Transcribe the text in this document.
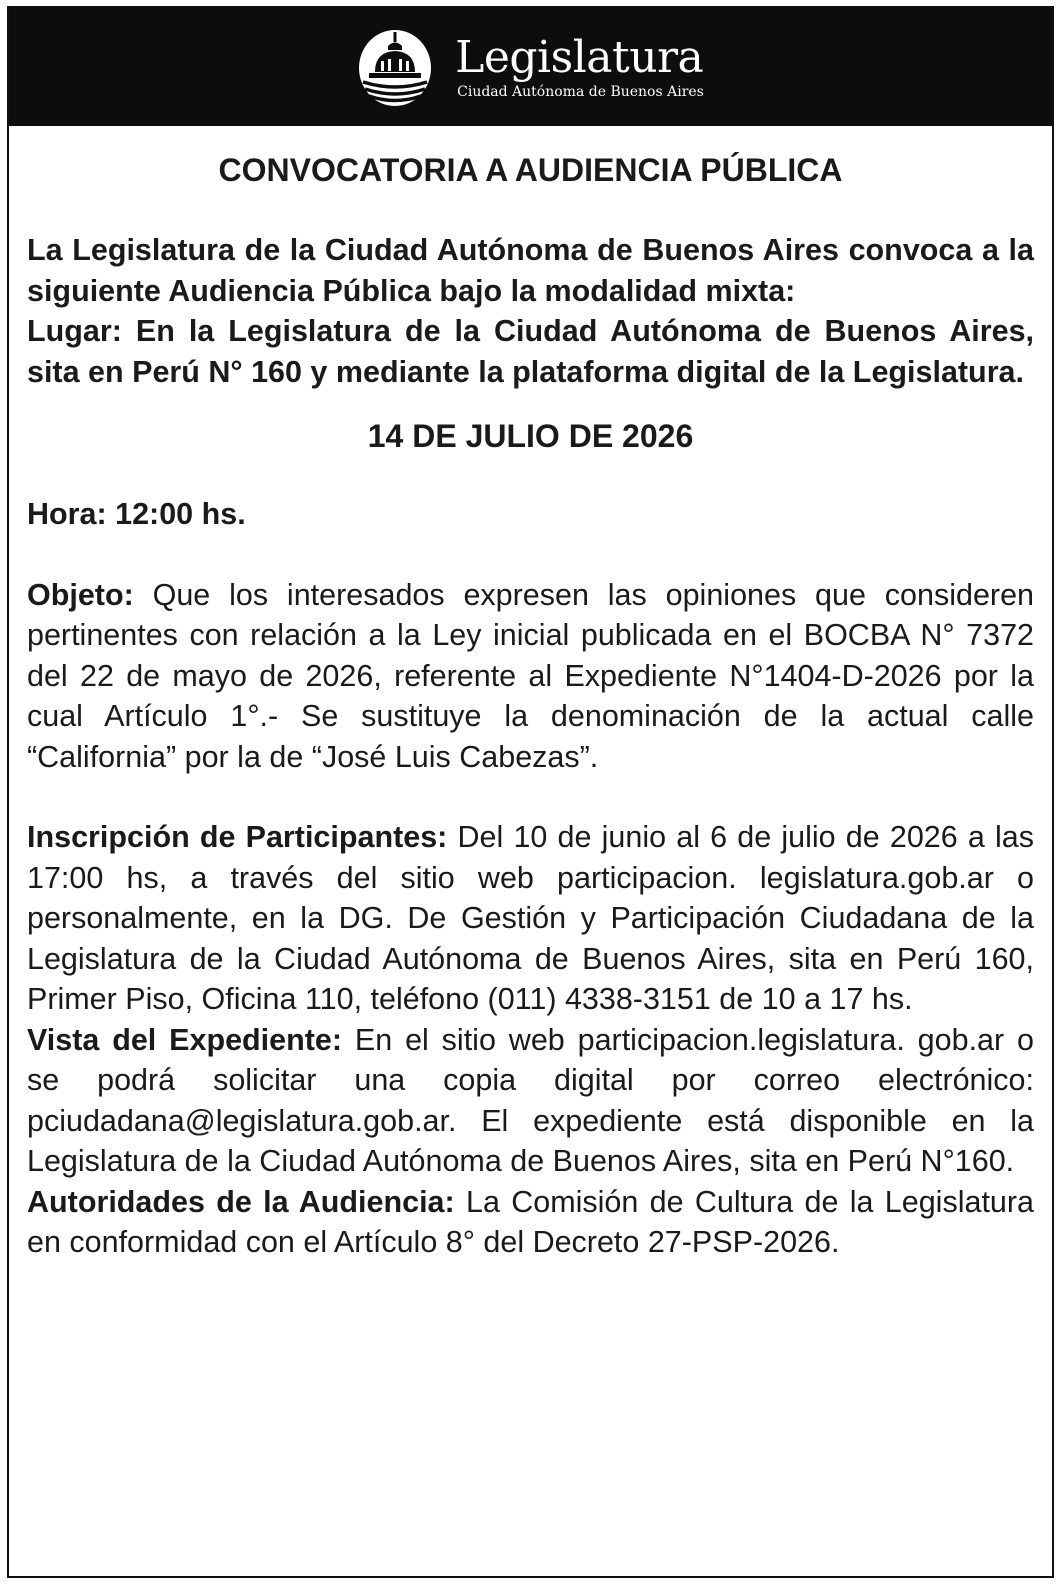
Legislatura
Ciudad Autónoma de Buenos Aires
CONVOCATORIA A AUDIENCIA PÚBLICA

La Legislatura de la Ciudad Autónoma de Buenos Aires convoca a la siguiente Audiencia Pública bajo la modalidad mixta:

Lugar: En la Legislatura de la Ciudad Autónoma de Buenos Aires, sita en Perú N° 160 y mediante la plataforma digital de la Legislatura.

14 DE JULIO DE 2026

Hora: 12:00 hs.

Objeto: Que los interesados expresen las opiniones que consideren pertinentes con relación a la Ley inicial publicada en el BOCBA N° 7372 del 22 de mayo de 2026, referente al Expediente N°1404-D-2026 por la cual Artículo 1°.- Se sustituye la denominación de la actual calle “California” por la de “José Luis Cabezas”.

Inscripción de Participantes: Del 10 de junio al 6 de julio de 2026 a las 17:00 hs, a través del sitio web participacion. legislatura.gob.ar o personalmente, en la DG. De Gestión y Participación Ciudadana de la Legislatura de la Ciudad Autónoma de Buenos Aires, sita en Perú 160, Primer Piso, Oficina 110, teléfono (011) 4338-3151 de 10 a 17 hs.

Vista del Expediente: En el sitio web participacion.legislatura. gob.ar o se podrá solicitar una copia digital por correo electrónico: pciudadana@legislatura.gob.ar. El expediente está disponible en la Legislatura de la Ciudad Autónoma de Buenos Aires, sita en Perú N°160.

Autoridades de la Audiencia: La Comisión de Cultura de la Legislatura en conformidad con el Artículo 8° del Decreto 27-PSP-2026.
